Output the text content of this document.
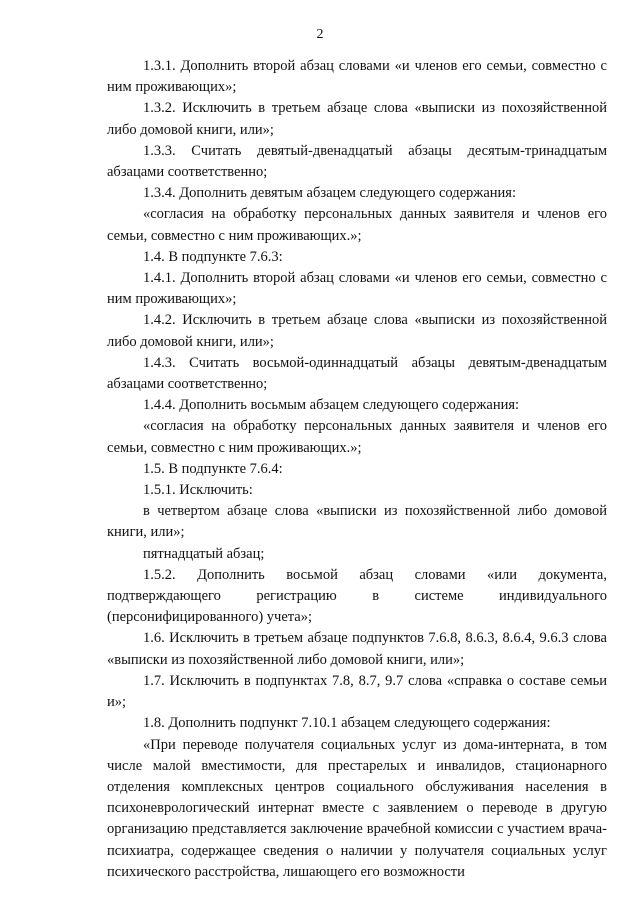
2

1.3.1. Дополнить второй абзац словами «и членов его семьи, совместно с ним проживающих»;

1.3.2. Исключить в третьем абзаце слова «выписки из похозяйственной либо домовой книги, или»;

1.3.3. Считать девятый-двенадцатый абзацы десятым-тринадцатым абзацами соответственно;

1.3.4. Дополнить девятым абзацем следующего содержания:

«согласия на обработку персональных данных заявителя и членов его семьи, совместно с ним проживающих.»;

1.4. В подпункте 7.6.3:

1.4.1. Дополнить второй абзац словами «и членов его семьи, совместно с ним проживающих»;

1.4.2. Исключить в третьем абзаце слова «выписки из похозяйственной либо домовой книги, или»;

1.4.3. Считать восьмой-одиннадцатый абзацы девятым-двенадцатым абзацами соответственно;

1.4.4. Дополнить восьмым абзацем следующего содержания:

«согласия на обработку персональных данных заявителя и членов его семьи, совместно с ним проживающих.»;

1.5. В подпункте 7.6.4:

1.5.1. Исключить:

в четвертом абзаце слова «выписки из похозяйственной либо домовой книги, или»;

пятнадцатый абзац;

1.5.2. Дополнить восьмой абзац словами «или документа, подтверждающего регистрацию в системе индивидуального (персонифицированного) учета»;

1.6. Исключить в третьем абзаце подпунктов 7.6.8, 8.6.3, 8.6.4, 9.6.3 слова «выписки из похозяйственной либо домовой книги, или»;

1.7. Исключить в подпунктах 7.8, 8.7, 9.7 слова «справка о составе семьи и»;

1.8. Дополнить подпункт 7.10.1 абзацем следующего содержания:

«При переводе получателя социальных услуг из дома-интерната, в том числе малой вместимости, для престарелых и инвалидов, стационарного отделения комплексных центров социального обслуживания населения в психоневрологический интернат вместе с заявлением о переводе в другую организацию представляется заключение врачебной комиссии с участием врача-психиатра, содержащее сведения о наличии у получателя социальных услуг психического расстройства, лишающего его возможности
